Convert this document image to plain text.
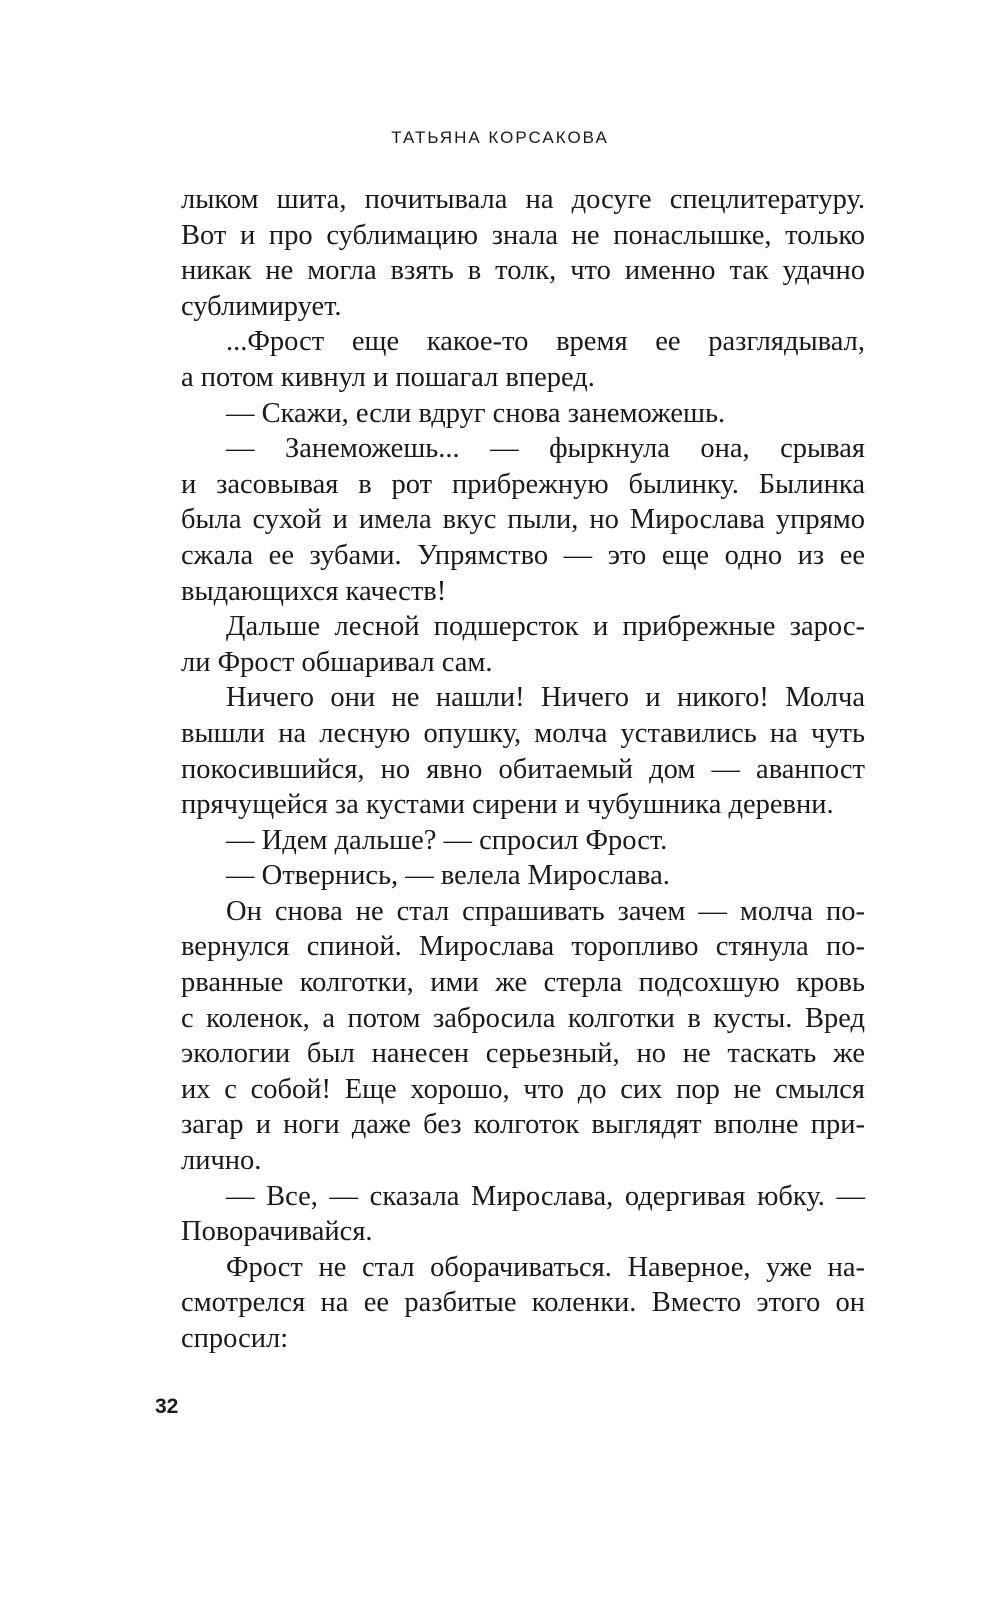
ТАТЬЯНА КОРСАКОВА
лыком шита, почитывала на досуге спецлитературу.
Вот и про сублимацию знала не понаслышке, только
никак не могла взять в толк, что именно так удачно
сублимирует.
...Фрост еще какое-то время ее разглядывал,
а потом кивнул и пошагал вперед.
— Скажи, если вдруг снова занеможешь.
— Занеможешь... — фыркнула она, срывая
и засовывая в рот прибрежную былинку. Былинка
была сухой и имела вкус пыли, но Мирослава упрямо
сжала ее зубами. Упрямство — это еще одно из ее
выдающихся качеств!
Дальше лесной подшерсток и прибрежные зарос-
ли Фрост обшаривал сам.
Ничего они не нашли! Ничего и никого! Молча
вышли на лесную опушку, молча уставились на чуть
покосившийся, но явно обитаемый дом — аванпост
прячущейся за кустами сирени и чубушника деревни.
— Идем дальше? — спросил Фрост.
— Отвернись, — велела Мирослава.
Он снова не стал спрашивать зачем — молча по-
вернулся спиной. Мирослава торопливо стянула по-
рванные колготки, ими же стерла подсохшую кровь
с коленок, а потом забросила колготки в кусты. Вред
экологии был нанесен серьезный, но не таскать же
их с собой! Еще хорошо, что до сих пор не смылся
загар и ноги даже без колготок выглядят вполне при-
лично.
— Все, — сказала Мирослава, одергивая юбку. —
Поворачивайся.
Фрост не стал оборачиваться. Наверное, уже на-
смотрелся на ее разбитые коленки. Вместо этого он
спросил:
32
